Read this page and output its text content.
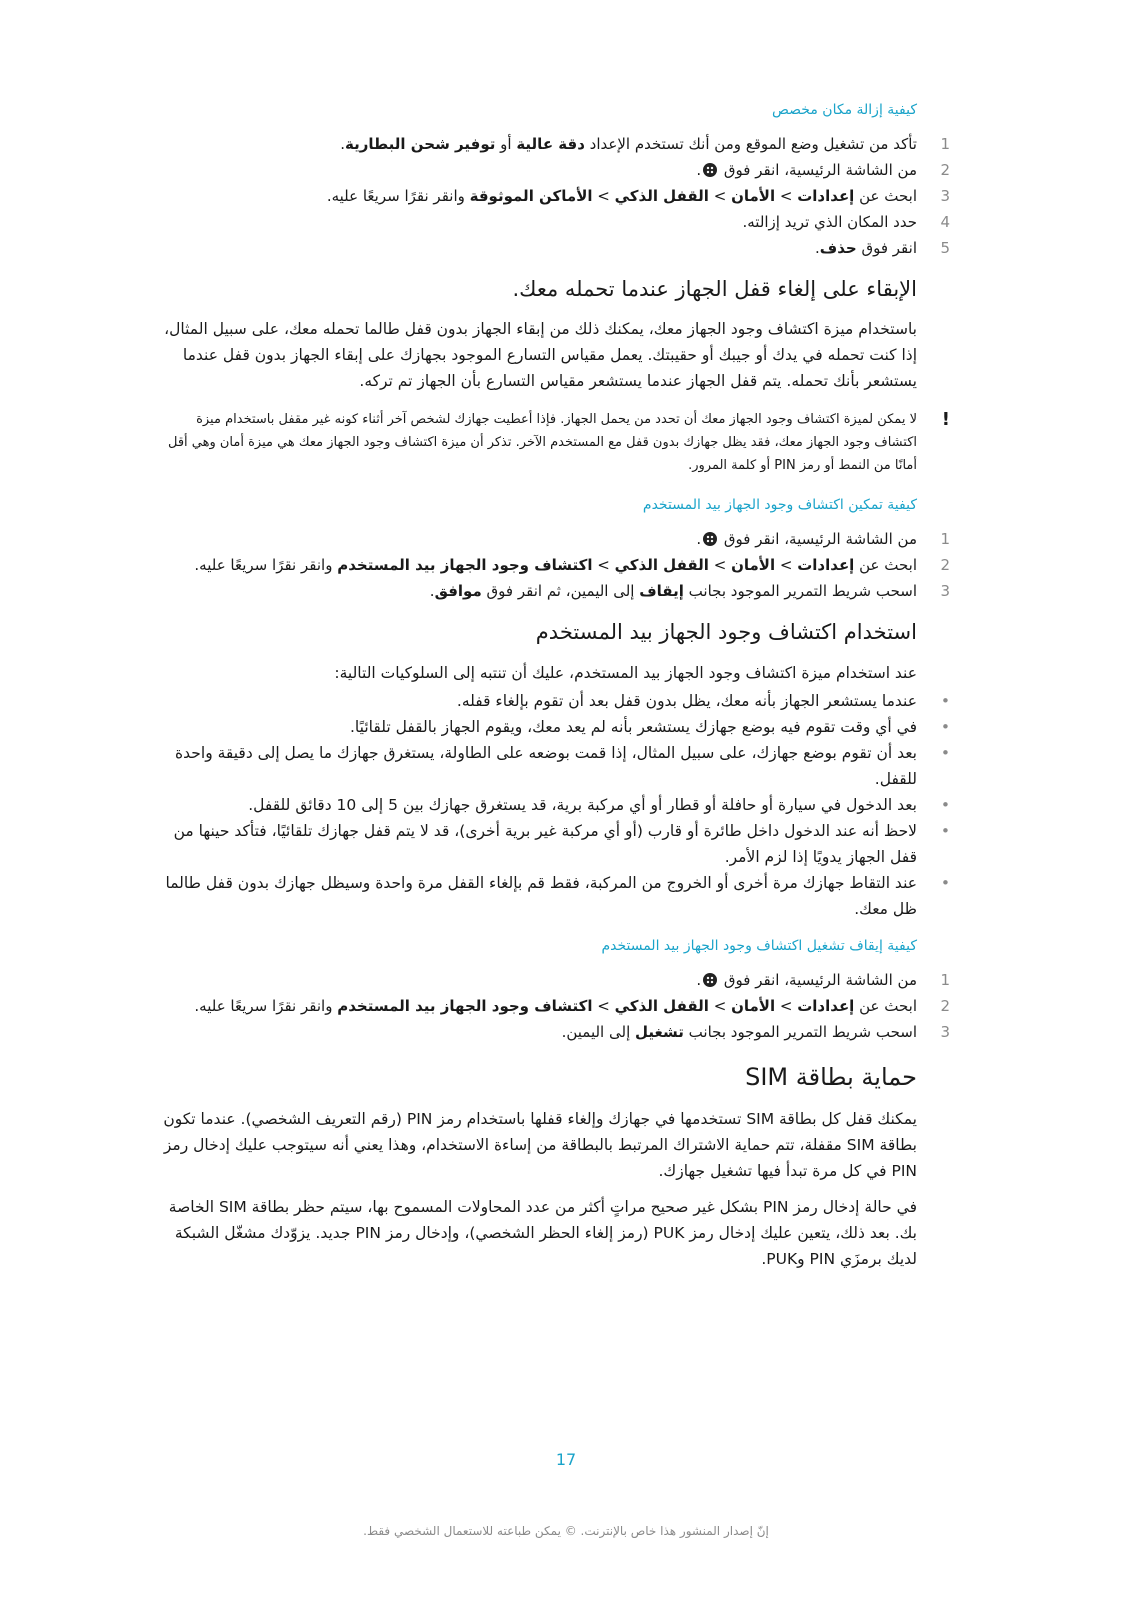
كيفية إزالة مكان مخصص
1
تأكد من تشغيل وضع الموقع ومن أنك تستخدم الإعداد دقة عالية أو توفير شحن البطارية.
2
من الشاشة الرئيسية، انقر فوق .
3
ابحث عن إعدادات > الأمان > القفل الذكي > الأماكن الموثوقة وانقر نقرًا سريعًا عليه.
4
حدد المكان الذي تريد إزالته.
5
انقر فوق حذف.
الإبقاء على إلغاء قفل الجهاز عندما تحمله معك.

باستخدام ميزة اكتشاف وجود الجهاز معك، يمكنك ذلك من إبقاء الجهاز بدون قفل طالما تحمله معك، على سبيل المثال، إذا كنت تحمله في يدك أو جيبك أو حقيبتك. يعمل مقياس التسارع الموجود بجهازك على إبقاء الجهاز بدون قفل عندما يستشعر بأنك تحمله. يتم قفل الجهاز عندما يستشعر مقياس التسارع بأن الجهاز تم تركه.

!
لا يمكن لميزة اكتشاف وجود الجهاز معك أن تحدد من يحمل الجهاز. فإذا أعطيت جهازك لشخص آخر أثناء كونه غير مقفل باستخدام ميزة اكتشاف وجود الجهاز معك، فقد يظل جهازك بدون قفل مع المستخدم الآخر. تذكر أن ميزة اكتشاف وجود الجهاز معك هي ميزة أمان وهي أقل أمانًا من النمط أو رمز PIN أو كلمة المرور.
كيفية تمكين اكتشاف وجود الجهاز بيد المستخدم
1
من الشاشة الرئيسية، انقر فوق .
2
ابحث عن إعدادات > الأمان > القفل الذكي > اكتشاف وجود الجهاز بيد المستخدم وانقر نقرًا سريعًا عليه.
3
اسحب شريط التمرير الموجود بجانب إيقاف إلى اليمين، ثم انقر فوق موافق.
استخدام اكتشاف وجود الجهاز بيد المستخدم

عند استخدام ميزة اكتشاف وجود الجهاز بيد المستخدم، عليك أن تنتبه إلى السلوكيات التالية:

•
عندما يستشعر الجهاز بأنه معك، يظل بدون قفل بعد أن تقوم بإلغاء قفله.
•
في أي وقت تقوم فيه بوضع جهازك يستشعر بأنه لم يعد معك، ويقوم الجهاز بالقفل تلقائيًا.
•
بعد أن تقوم بوضع جهازك، على سبيل المثال، إذا قمت بوضعه على الطاولة، يستغرق جهازك ما يصل إلى دقيقة واحدة للقفل.
•
بعد الدخول في سيارة أو حافلة أو قطار أو أي مركبة برية، قد يستغرق جهازك بين 5 إلى 10 دقائق للقفل.
•
لاحظ أنه عند الدخول داخل طائرة أو قارب (أو أي مركبة غير برية أخرى)، قد لا يتم قفل جهازك تلقائيًا، فتأكد حينها من قفل الجهاز يدويًا إذا لزم الأمر.
•
عند التقاط جهازك مرة أخرى أو الخروج من المركبة، فقط قم بإلغاء القفل مرة واحدة وسيظل جهازك بدون قفل طالما ظل معك.
كيفية إيقاف تشغيل اكتشاف وجود الجهاز بيد المستخدم
1
من الشاشة الرئيسية، انقر فوق .
2
ابحث عن إعدادات > الأمان > القفل الذكي > اكتشاف وجود الجهاز بيد المستخدم وانقر نقرًا سريعًا عليه.
3
اسحب شريط التمرير الموجود بجانب تشغيل إلى اليمين.
حماية بطاقة SIM

يمكنك قفل كل بطاقة SIM تستخدمها في جهازك وإلغاء قفلها باستخدام رمز PIN (رقم التعريف الشخصي). عندما تكون بطاقة SIM مقفلة، تتم حماية الاشتراك المرتبط بالبطاقة من إساءة الاستخدام، وهذا يعني أنه سيتوجب عليك إدخال رمز PIN في كل مرة تبدأ فيها تشغيل جهازك.

في حالة إدخال رمز PIN بشكل غير صحيح مراتٍ أكثر من عدد المحاولات المسموح بها، سيتم حظر بطاقة SIM الخاصة بك. بعد ذلك، يتعين عليك إدخال رمز PUK (رمز إلغاء الحظر الشخصي)، وإدخال رمز PIN جديد. يزوّدك مشغّل الشبكة لديك برمزَي PIN وPUK.

17
إنّ إصدار المنشور هذا خاص بالإنترنت. © يمكن طباعته للاستعمال الشخصي فقط.
